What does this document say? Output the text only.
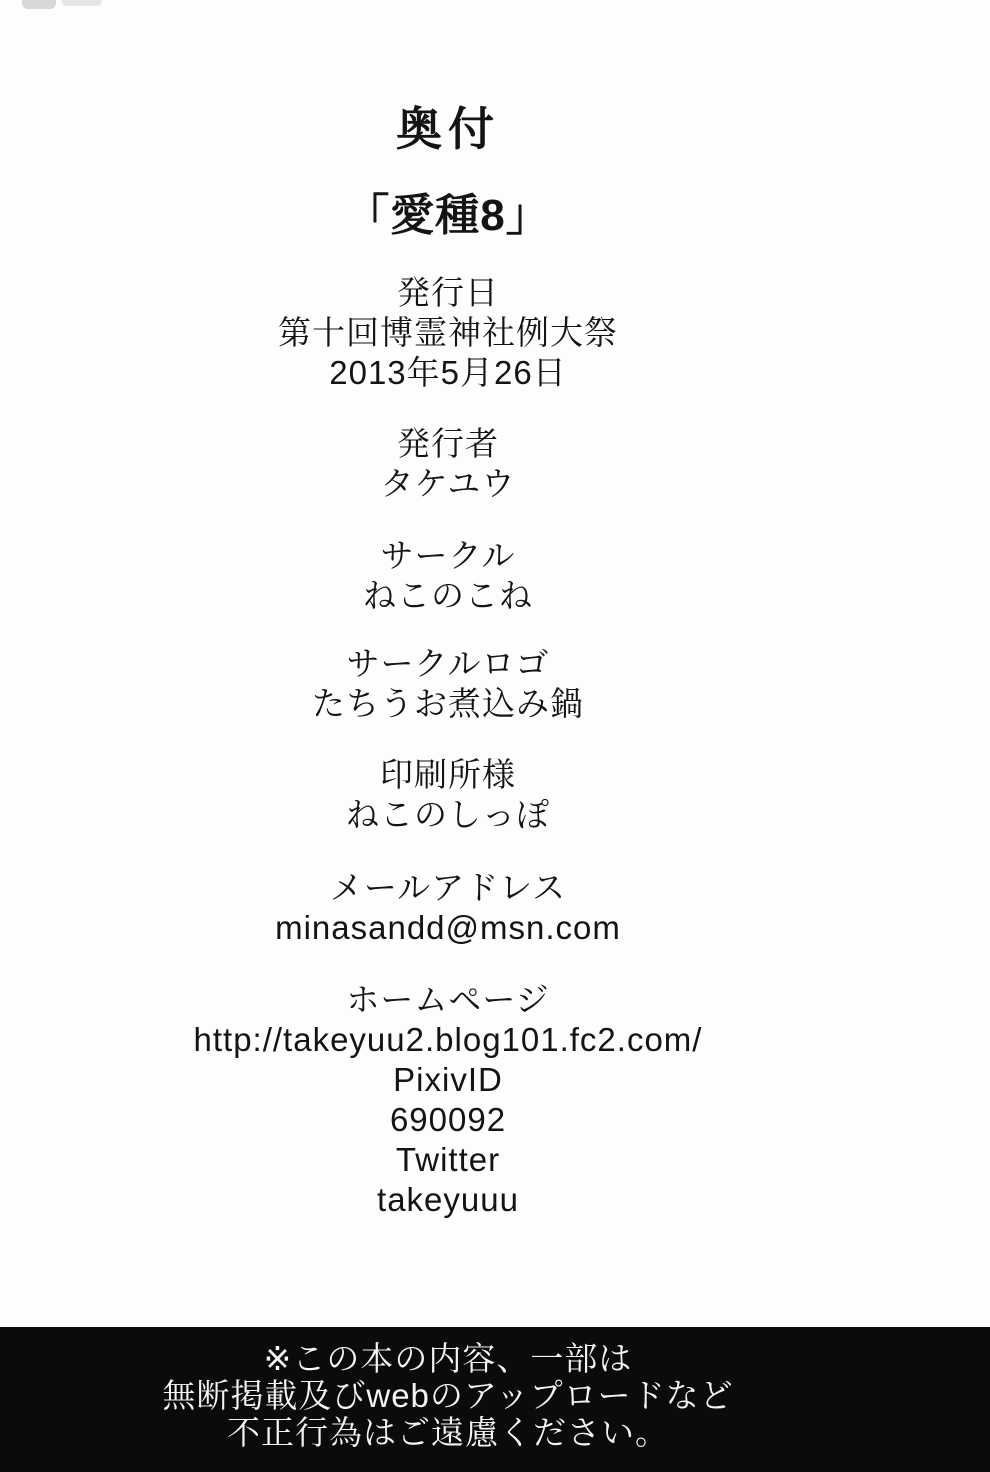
奥付
「愛種8」
発行日
第十回博霊神社例大祭
2013年5月26日
発行者
タケユウ
サークル
ねこのこね
サークルロゴ
たちうお煮込み鍋
印刷所様
ねこのしっぽ
メールアドレス
minasandd@msn.com
ホームページ
http://takeyuu2.blog101.fc2.com/
PixivID
690092
Twitter
takeyuuu
※この本の内容、一部は
無断掲載及びwebのアップロードなど
不正行為はご遠慮ください。
